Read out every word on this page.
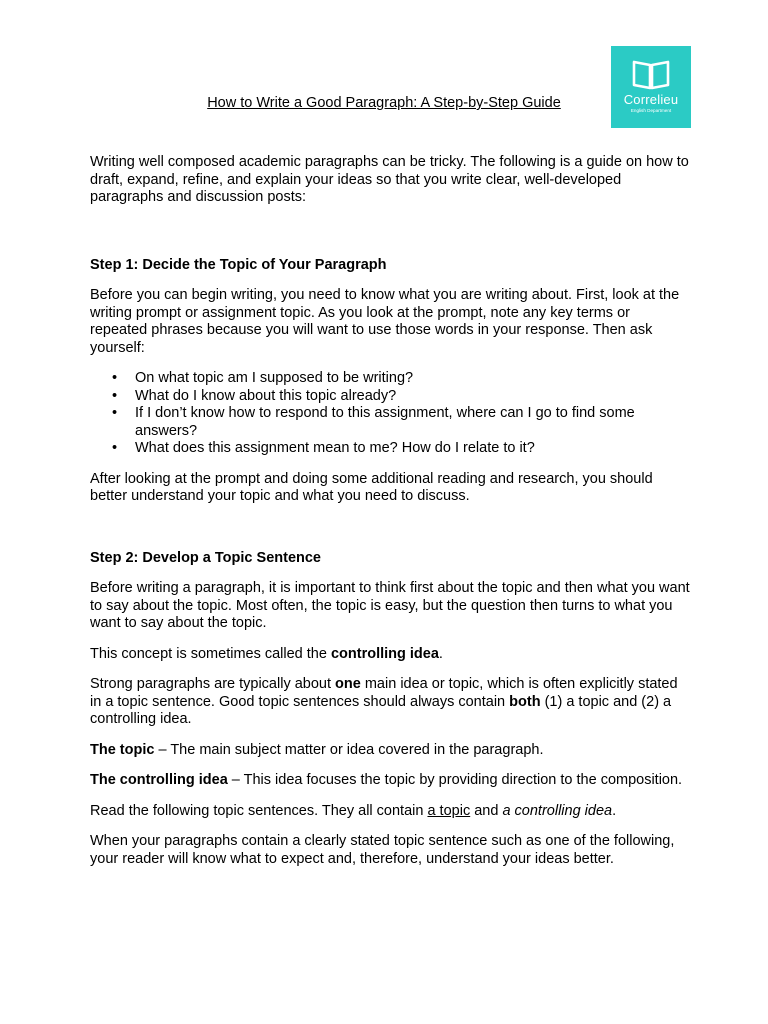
Correlieu
English Department
How to Write a Good Paragraph: A Step-by-Step Guide

Writing well composed academic paragraphs can be tricky. The following is a guide on how to draft, expand, refine, and explain your ideas so that you write clear, well-developed paragraphs and discussion posts:

Step 1: Decide the Topic of Your Paragraph

Before you can begin writing, you need to know what you are writing about. First, look at the writing prompt or assignment topic. As you look at the prompt, note any key terms or repeated phrases because you will want to use those words in your response. Then ask yourself:

• On what topic am I supposed to be writing?
• What do I know about this topic already?
• If I don’t know how to respond to this assignment, where can I go to find some answers?
• What does this assignment mean to me? How do I relate to it?

After looking at the prompt and doing some additional reading and research, you should better understand your topic and what you need to discuss.

Step 2: Develop a Topic Sentence

Before writing a paragraph, it is important to think first about the topic and then what you want to say about the topic. Most often, the topic is easy, but the question then turns to what you want to say about the topic.

This concept is sometimes called the controlling idea.

Strong paragraphs are typically about one main idea or topic, which is often explicitly stated in a topic sentence. Good topic sentences should always contain both (1) a topic and (2) a controlling idea.

The topic – The main subject matter or idea covered in the paragraph.

The controlling idea – This idea focuses the topic by providing direction to the composition.

Read the following topic sentences. They all contain a topic and a controlling idea.

When your paragraphs contain a clearly stated topic sentence such as one of the following, your reader will know what to expect and, therefore, understand your ideas better.
